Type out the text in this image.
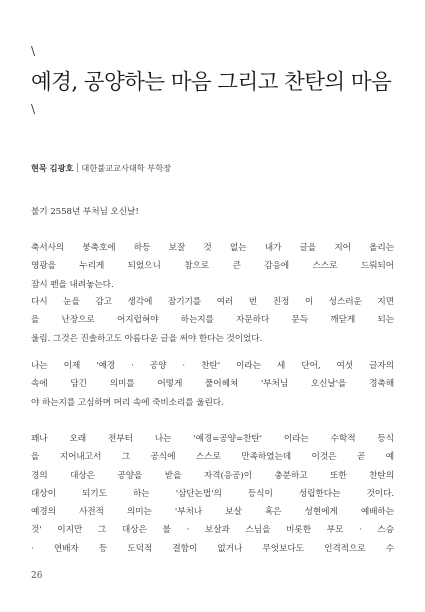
\
예경, 공양하는 마음 그리고 찬탄의 마음
\
현묵 김광호 대한불교교사대학 부학장

불기 2558년 부처님 오신날!

축서사의 붕축호에 하등 보잘 것 없는 내가 글을 지어 올리는

영광을 누리게 되었으니 참으로 큰 감응에 스스로 드뤄되어

잠시 펜을 내려놓는다.

다시 눈을 감고 생각에 잠기기를 여러 번 진정 이 성스러운 지면

을 난장으로 어지럽혀야 하는지를 자문하다 문득 깨닫게 되는

울림. 그것은 진솔하고도 아름다운 글을 써야 한다는 것이었다.

나는 이제 '예경 · 공양 · 찬탄' 이라는 세 단어, 여섯 글자의

속에 담긴 의미를 어떻게 풀어헤쳐 '부처님 오신날'을 경축해

야 하는지를 고심하며 머리 속에 죽비소리를 울린다.

꽤나 오래 전부터 나는 '예경=공양=찬탄' 이라는 수학적 등식

을 지어내고서 그 공식에 스스로 만족하였는데 이것은 곧 예

경의 대상은 공양을 받을 자격(응공)이 충분하고 또한 찬탄의

대상이 되기도 하는 '삼단논법'의 등식이 성립한다는 것이다.

예경의 사전적 의미는 '부처나 보살 혹은 성현에게 예배하는

것' 이지만 그 대상은 불 · 보살과 스님을 비롯한 부모 · 스승

· 연배자 등 도덕적 결함이 없거나 무엇보다도 인격적으로 수

26
